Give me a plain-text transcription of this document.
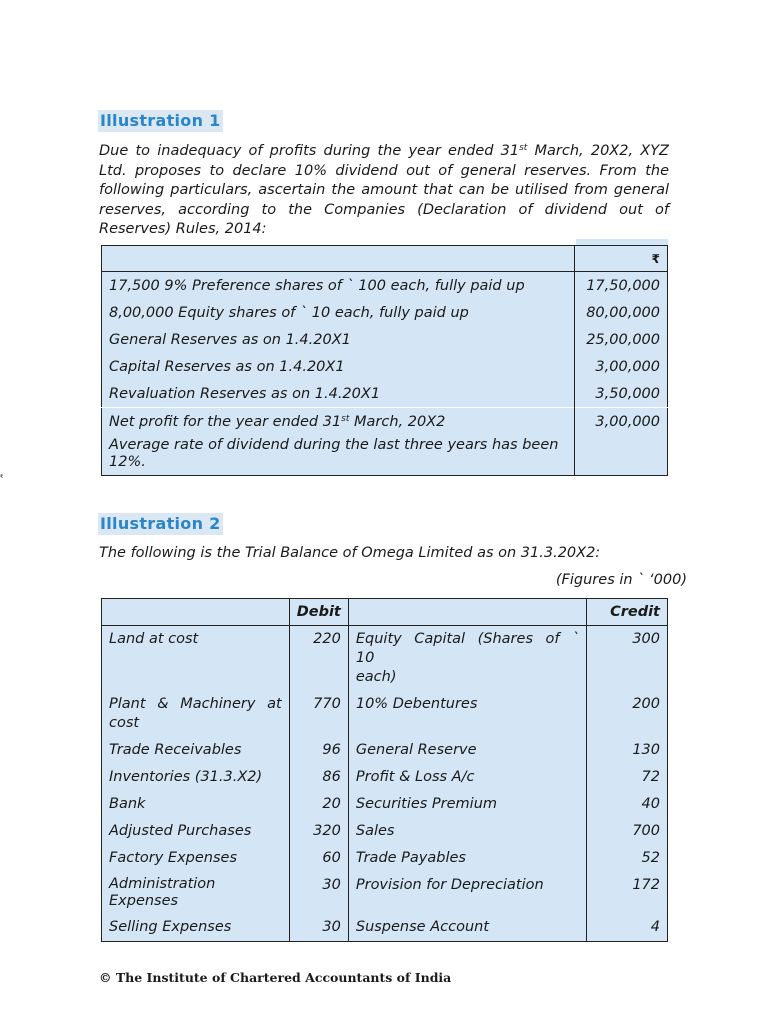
₹
Illustration 1
Due to inadequacy of profits during the year ended 31st March, 20X2, XYZ Ltd. proposes to declare 10% dividend out of general reserves. From the following particulars, ascertain the amount that can be utilised from general reserves, according to the Companies (Declaration of dividend out of Reserves) Rules, 2014:
	₹
17,500 9% Preference shares of ` 100 each, fully paid up	17,50,000
8,00,000 Equity shares of ` 10 each, fully paid up	80,00,000
General Reserves as on 1.4.20X1	25,00,000
Capital Reserves as on 1.4.20X1	3,00,000
Revaluation Reserves as on 1.4.20X1	3,50,000
Net profit for the year ended 31st March, 20X2	3,00,000
Average rate of dividend during the last three years has been 12%.	
Illustration 2
The following is the Trial Balance of Omega Limited as on 31.3.20X2:
(Figures in ` ‘000)
	Debit		Credit
Land at cost	220	Equity Capital (Shares of `
10
each)	300
Plant & Machinery at cost	770	10% Debentures	200
Trade Receivables	96	General Reserve	130
Inventories (31.3.X2)	86	Profit & Loss A/c	72
Bank	20	Securities Premium	40
Adjusted Purchases	320	Sales	700
Factory Expenses	60	Trade Payables	52
Administration Expenses	30	Provision for Depreciation	172
Selling Expenses	30	Suspense Account	4
© The Institute of Chartered Accountants of India
